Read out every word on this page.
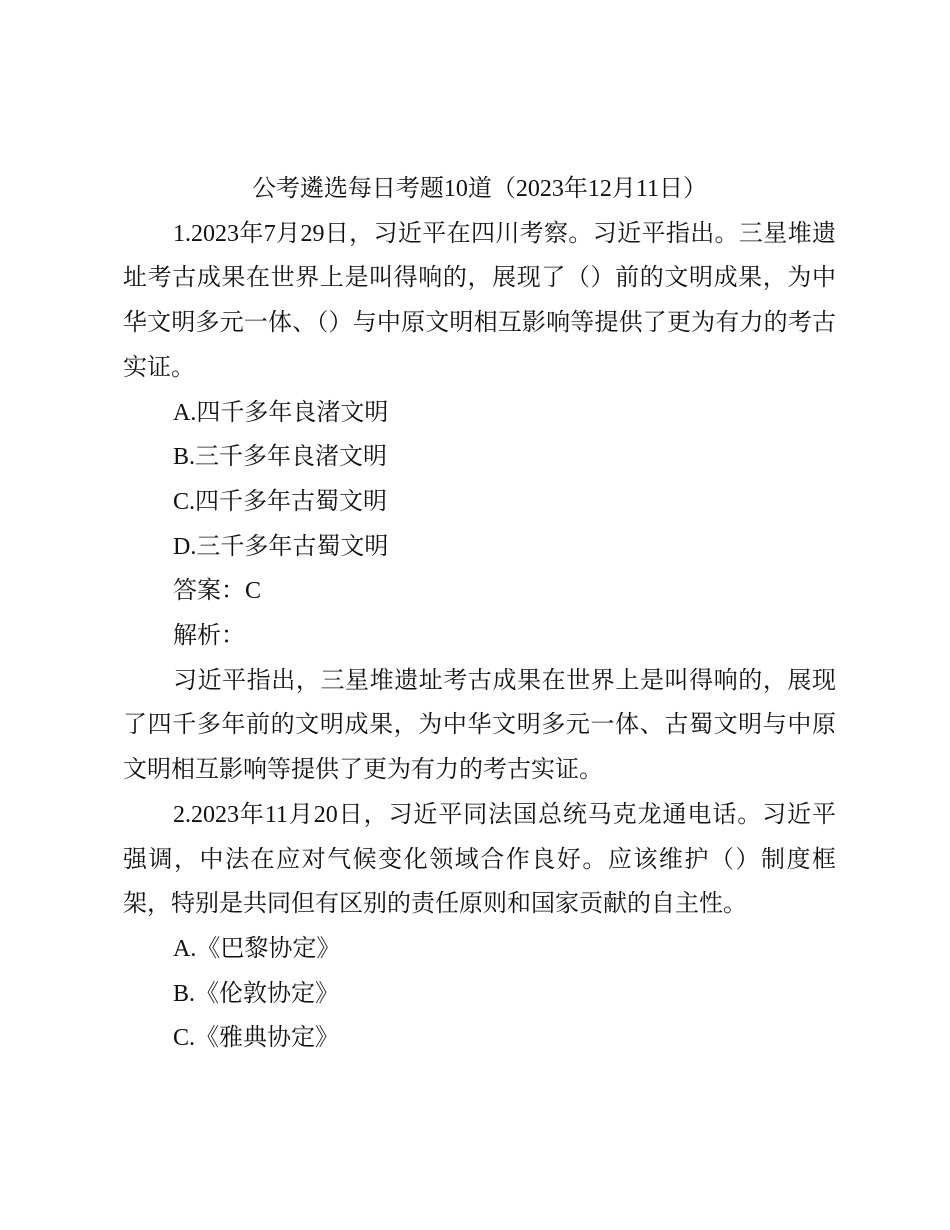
公考遴选每日考题10道（2023年12月11日）

1.2023年7月29日，习近平在四川考察。习近平指出。三星堆遗址考古成果在世界上是叫得响的，展现了（）前的文明成果，为中华文明多元一体、（）与中原文明相互影响等提供了更为有力的考古实证。

A.四千多年良渚文明

B.三千多年良渚文明

C.四千多年古蜀文明

D.三千多年古蜀文明

答案：C

解析：

习近平指出，三星堆遗址考古成果在世界上是叫得响的，展现了四千多年前的文明成果，为中华文明多元一体、古蜀文明与中原文明相互影响等提供了更为有力的考古实证。

2.2023年11月20日，习近平同法国总统马克龙通电话。习近平强调，中法在应对气候变化领域合作良好。应该维护（）制度框架，特别是共同但有区别的责任原则和国家贡献的自主性。

A.《巴黎协定》

B.《伦敦协定》

C.《雅典协定》
